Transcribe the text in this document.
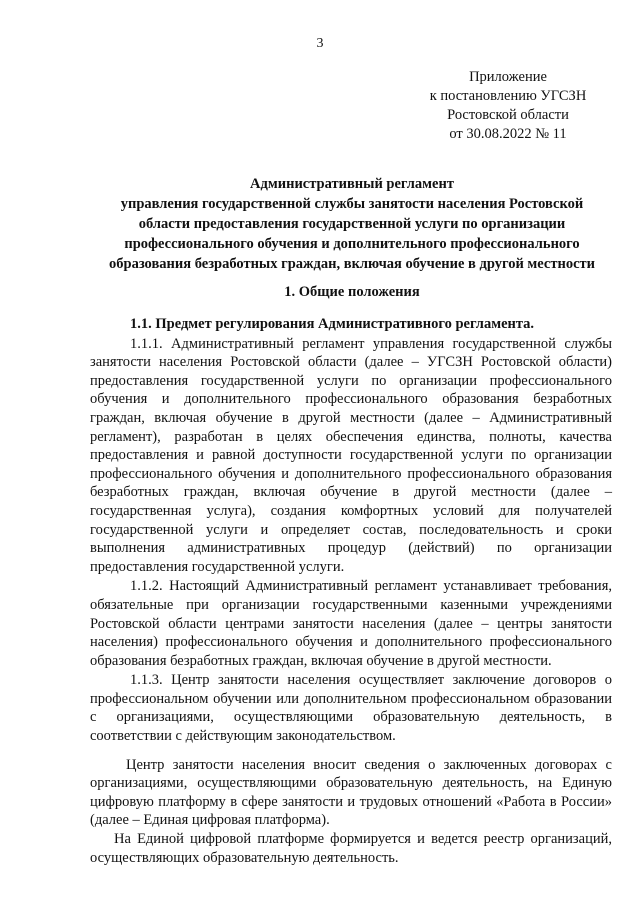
3
Приложение
к постановлению УГСЗН
Ростовской области
от 30.08.2022 № 11
Административный регламент
управления государственной службы занятости населения Ростовской
области предоставления государственной услуги по организации
профессионального обучения и дополнительного профессионального
образования безработных граждан, включая обучение в другой местности
1. Общие положения
1.1. Предмет регулирования Административного регламента.

1.1.1. Административный регламент управления государственной службы занятости населения Ростовской области (далее – УГСЗН Ростовской области) предоставления государственной услуги по организации профессионального обучения и дополнительного профессионального образования безработных граждан, включая обучение в другой местности (далее – Административный регламент), разработан в целях обеспечения единства, полноты, качества предоставления и равной доступности государственной услуги по организации профессионального обучения и дополнительного профессионального образования безработных граждан, включая обучение в другой местности (далее – государственная услуга), создания комфортных условий для получателей государственной услуги и определяет состав, последовательность и сроки выполнения административных процедур (действий) по организации предоставления государственной услуги.

1.1.2. Настоящий Административный регламент устанавливает требования, обязательные при организации государственными казенными учреждениями Ростовской области центрами занятости населения (далее – центры занятости населения) профессионального обучения и дополнительного профессионального образования безработных граждан, включая обучение в другой местности.

1.1.3. Центр занятости населения осуществляет заключение договоров о профессиональном обучении или дополнительном профессиональном образовании с организациями, осуществляющими образовательную деятельность, в соответствии с действующим законодательством.

Центр занятости населения вносит сведения о заключенных договорах с организациями, осуществляющими образовательную деятельность, на Единую цифровую платформу в сфере занятости и трудовых отношений «Работа в России» (далее – Единая цифровая платформа).

На Единой цифровой платформе формируется и ведется реестр организаций, осуществляющих образовательную деятельность.
